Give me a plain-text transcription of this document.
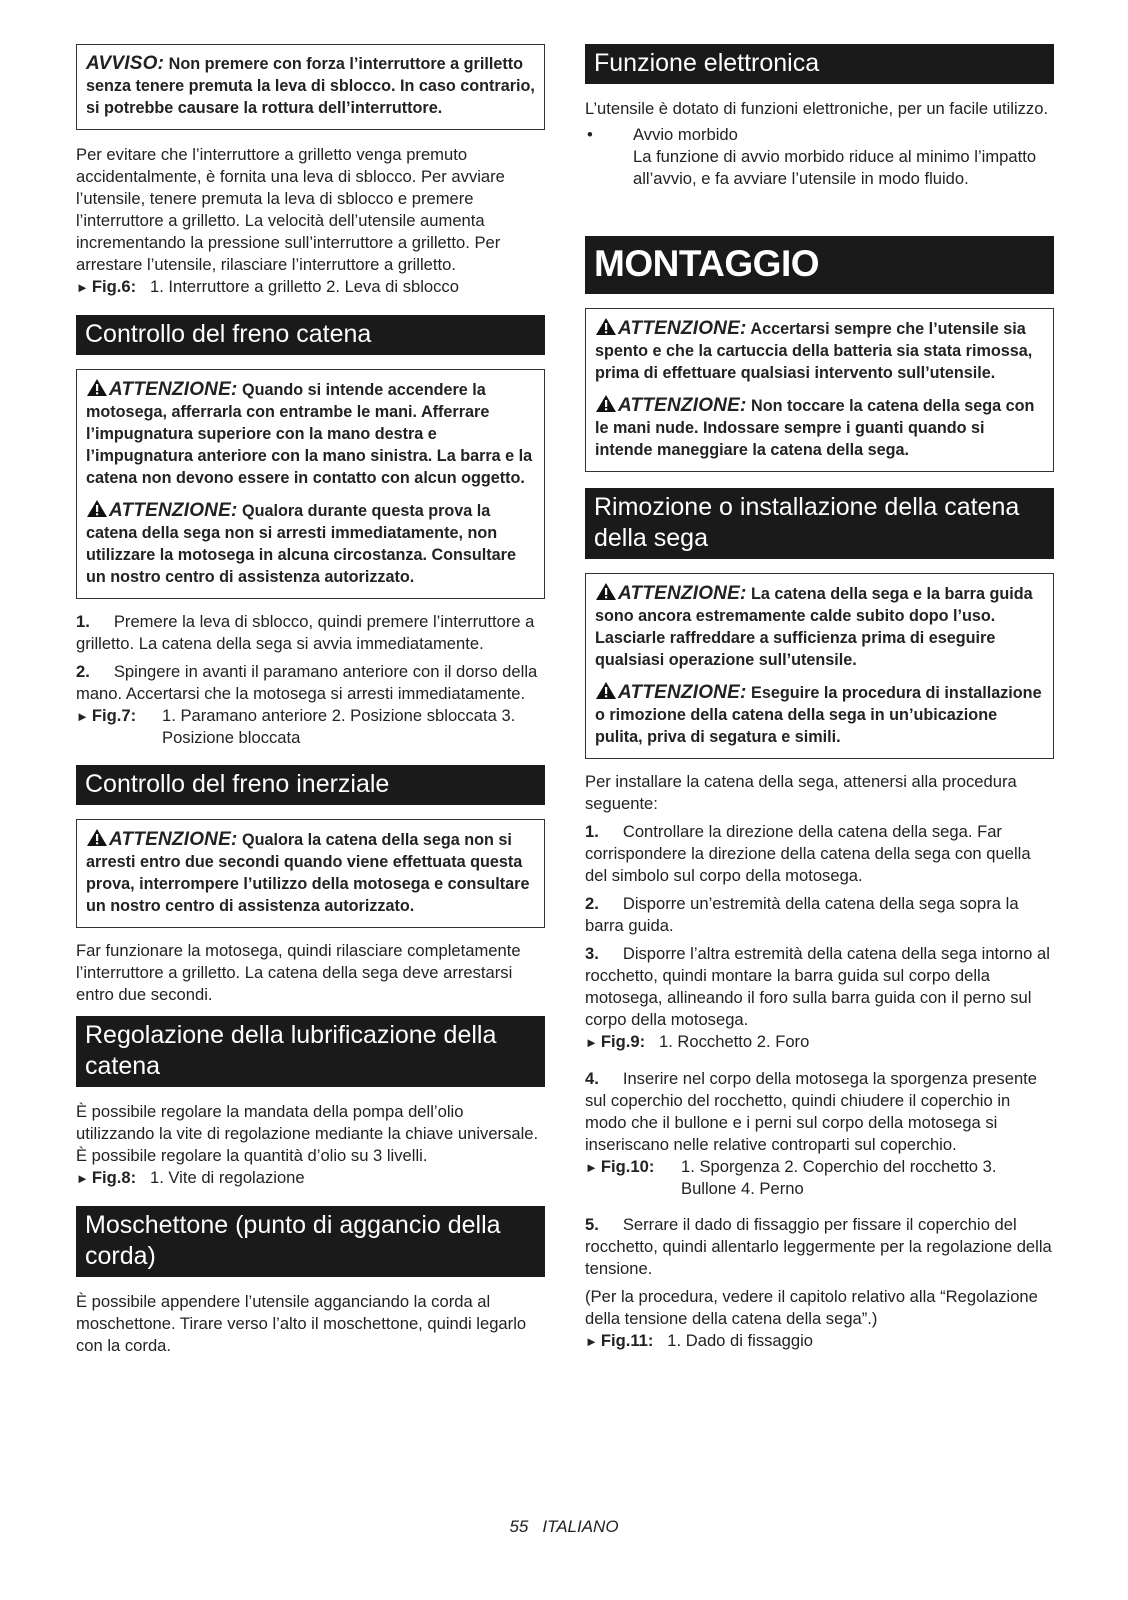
AVVISO: Non premere con forza l’interruttore a grilletto senza tenere premuta la leva di sblocco. In caso contrario, si potrebbe causare la rottura dell’interruttore.

Per evitare che l’interruttore a grilletto venga premuto accidentalmente, è fornita una leva di sblocco. Per avviare l’utensile, tenere premuta la leva di sblocco e premere l’interruttore a grilletto. La velocità dell’utensile aumenta incrementando la pressione sull’interruttore a grilletto. Per arrestare l’utensile, rilasciare l’interruttore a grilletto.

► Fig.6: 1. Interruttore a grilletto 2. Leva di sblocco
Controllo del freno catena
ATTENZIONE: Quando si intende accendere la motosega, afferrarla con entrambe le mani. Afferrare l’impugnatura superiore con la mano destra e l’impugnatura anteriore con la mano sinistra. La barra e la catena non devono essere in contatto con alcun oggetto.
ATTENZIONE: Qualora durante questa prova la catena della sega non si arresti immediatamente, non utilizzare la motosega in alcuna circostanza. Consultare un nostro centro di assistenza autorizzato.

1. Premere la leva di sblocco, quindi premere l’interruttore a grilletto. La catena della sega si avvia immediatamente.

2. Spingere in avanti il paramano anteriore con il dorso della mano. Accertarsi che la motosega si arresti immediatamente.

► Fig.7:	1. Paramano anteriore 2. Posizione sbloccata 3. Posizione bloccata
Controllo del freno inerziale
ATTENZIONE: Qualora la catena della sega non si arresti entro due secondi quando viene effettuata questa prova, interrompere l’utilizzo della motosega e consultare un nostro centro di assistenza autorizzato.

Far funzionare la motosega, quindi rilasciare completamente l’interruttore a grilletto. La catena della sega deve arrestarsi entro due secondi.

Regolazione della lubrificazione della catena

È possibile regolare la mandata della pompa dell’olio utilizzando la vite di regolazione mediante la chiave universale. È possibile regolare la quantità d’olio su 3 livelli.

► Fig.8: 1. Vite di regolazione
Moschettone (punto di aggancio della corda)

È possibile appendere l’utensile agganciando la corda al moschettone. Tirare verso l’alto il moschettone, quindi legarlo con la corda.

Funzione elettronica

L’utensile è dotato di funzioni elettroniche, per un facile utilizzo.

•	Avvio morbido
La funzione di avvio morbido riduce al minimo l’impatto all’avvio, e fa avviare l’utensile in modo fluido.
MONTAGGIO
ATTENZIONE: Accertarsi sempre che l’utensile sia spento e che la cartuccia della batteria sia stata rimossa, prima di effettuare qualsiasi intervento sull’utensile.
ATTENZIONE: Non toccare la catena della sega con le mani nude. Indossare sempre i guanti quando si intende maneggiare la catena della sega.
Rimozione o installazione della catena della sega
ATTENZIONE: La catena della sega e la barra guida sono ancora estremamente calde subito dopo l’uso. Lasciarle raffreddare a sufficienza prima di eseguire qualsiasi operazione sull’utensile.
ATTENZIONE: Eseguire la procedura di installazione o rimozione della catena della sega in un’ubicazione pulita, priva di segatura e simili.

Per installare la catena della sega, attenersi alla procedura seguente:

1. Controllare la direzione della catena della sega. Far corrispondere la direzione della catena della sega con quella del simbolo sul corpo della motosega.

2. Disporre un’estremità della catena della sega sopra la barra guida.

3. Disporre l’altra estremità della catena della sega intorno al rocchetto, quindi montare la barra guida sul corpo della motosega, allineando il foro sulla barra guida con il perno sul corpo della motosega.

► Fig.9: 1. Rocchetto 2. Foro

4. Inserire nel corpo della motosega la sporgenza presente sul coperchio del rocchetto, quindi chiudere il coperchio in modo che il bullone e i perni sul corpo della motosega si inseriscano nelle relative controparti sul coperchio.

► Fig.10:	1. Sporgenza 2. Coperchio del rocchetto 3. Bullone 4. Perno

5. Serrare il dado di fissaggio per fissare il coperchio del rocchetto, quindi allentarlo leggermente per la regolazione della tensione.

(Per la procedura, vedere il capitolo relativo alla “Regolazione della tensione della catena della sega”.)

► Fig.11: 1. Dado di fissaggio
55 ITALIANO
